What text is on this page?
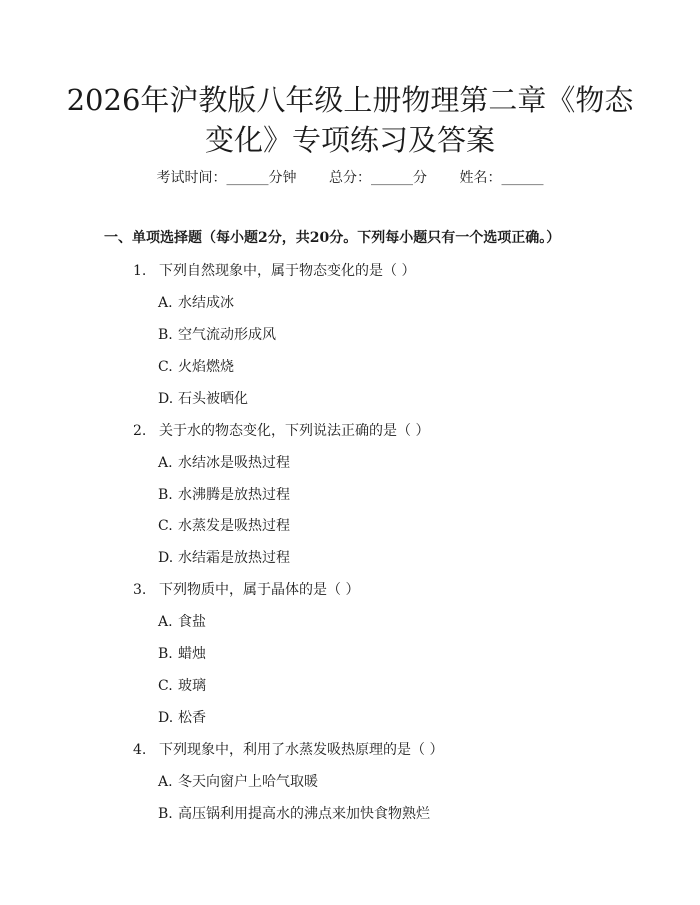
2026年沪教版八年级上册物理第二章《物态
变化》专项练习及答案
考试时间：______分钟 总分：______分 姓名：______
一、单项选择题（每小题2分，共20分。下列每小题只有一个选项正确。）
1. 下列自然现象中，属于物态变化的是（ ）
A. 水结成冰
B. 空气流动形成风
C. 火焰燃烧
D. 石头被晒化
2. 关于水的物态变化，下列说法正确的是（ ）
A. 水结冰是吸热过程
B. 水沸腾是放热过程
C. 水蒸发是吸热过程
D. 水结霜是放热过程
3. 下列物质中，属于晶体的是（ ）
A. 食盐
B. 蜡烛
C. 玻璃
D. 松香
4. 下列现象中，利用了水蒸发吸热原理的是（ ）
A. 冬天向窗户上哈气取暖
B. 高压锅利用提高水的沸点来加快食物熟烂
